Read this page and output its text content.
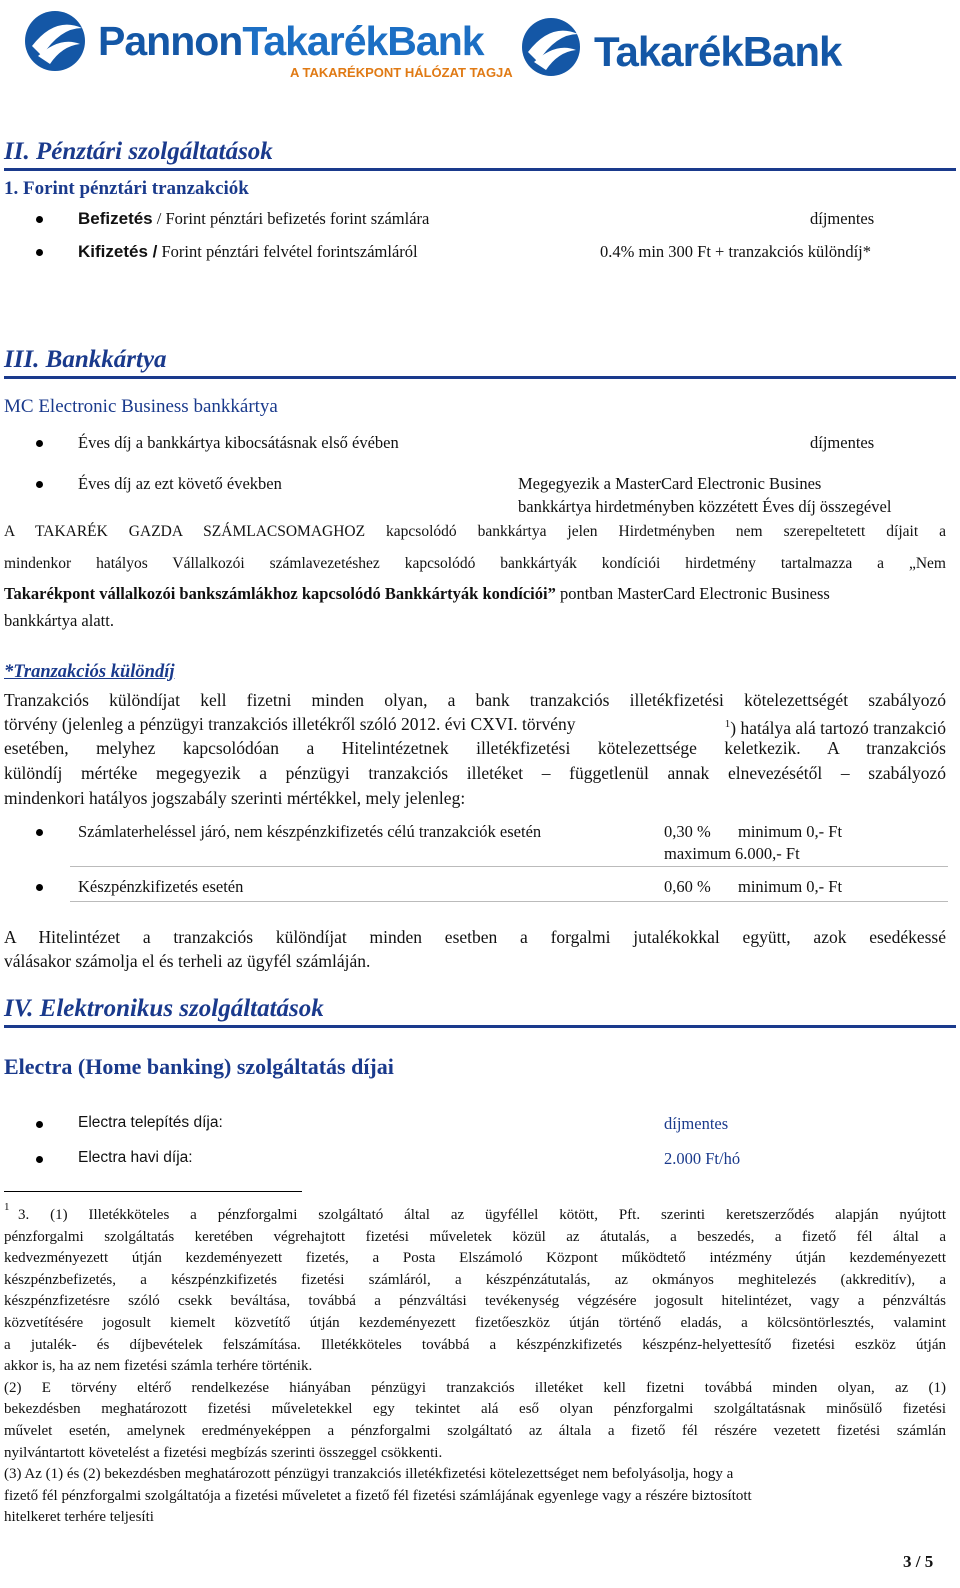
PannonTakarékBank
A TAKARÉKPONT HÁLÓZAT TAGJA TakarékBank
II. Pénztári szolgáltatások
1. Forint pénztári tranzakciók
Befizetés / Forint pénztári befizetés forint számlára	díjmentes
Kifizetés / Forint pénztári felvétel forintszámláról	0.4% min 300 Ft + tranzakciós különdíj*
III. Bankkártya
MC Electronic Business bankkártya
Éves díj a bankkártya kibocsátásnak első évében	díjmentes
Éves díj az ezt követő években	Megegyezik a MasterCard Electronic Busines
bankkártya hirdetményben közzétett Éves díj összegével
A TAKARÉK GAZDA SZÁMLACSOMAGHOZ kapcsolódó bankkártya jelen Hirdetményben nem szerepeltetett díjait a
mindenkor hatályos Vállalkozói számlavezetéshez kapcsolódó bankkártyák kondíciói hirdetmény tartalmazza a „Nem
Takarékpont vállalkozói bankszámlákhoz kapcsolódó Bankkártyák kondíciói” pontban MasterCard Electronic Business
bankkártya alatt.
*Tranzakciós különdíj
Tranzakciós különdíjat kell fizetni minden olyan, a bank tranzakciós illetékfizetési kötelezettségét szabályozó
törvény (jelenleg a pénzügyi tranzakciós illetékről szóló 2012. évi CXVI. törvény	$^1$) hatálya alá tartozó tranzakció
esetében, melyhez kapcsolódóan a Hitelintézetnek illetékfizetési kötelezettsége keletkezik. A tranzakciós
különdíj mértéke megegyezik a pénzügyi tranzakciós illetéket – függetlenül annak elnevezésétől – szabályozó
mindenkori hatályos jogszabály szerinti mértékkel, mely jelenleg:
Számlaterheléssel járó, nem készpénzkifizetés célú tranzakciók esetén	0,30 % minimum 0,- Ft
maximum 6.000,- Ft
Készpénzkifizetés esetén	0,60 % minimum 0,- Ft
A Hitelintézet a tranzakciós különdíjat minden esetben a forgalmi jutalékokkal együtt, azok esedékessé
válásakor számolja el és terheli az ügyfél számláján.
IV. Elektronikus szolgáltatások
Electra (Home banking) szolgáltatás díjai
Electra telepítés díja:	díjmentes
Electra havi díja:	2.000 Ft/hó
1 3. (1) Illetékköteles a pénzforgalmi szolgáltató által az ügyféllel kötött, Pft. szerinti keretszerződés alapján nyújtott
pénzforgalmi szolgáltatás keretében végrehajtott fizetési műveletek közül az átutalás, a beszedés, a fizető fél által a
kedvezményezett útján kezdeményezett fizetés, a Posta Elszámoló Központ működtető intézmény útján kezdeményezett
készpénzbefizetés, a készpénzkifizetés fizetési számláról, a készpénzátutalás, az okmányos meghitelezés (akkreditív), a
készpénzfizetésre szóló csekk beváltása, továbbá a pénzváltási tevékenység végzésére jogosult hitelintézet, vagy a pénzváltás
közvetítésére jogosult kiemelt közvetítő útján kezdeményezett fizetőeszköz útján történő eladás, a kölcsöntörlesztés, valamint
a jutalék- és díjbevételek felszámítása. Illetékköteles továbbá a készpénzkifizetés készpénz-helyettesítő fizetési eszköz útján
akkor is, ha az nem fizetési számla terhére történik.
(2) E törvény eltérő rendelkezése hiányában pénzügyi tranzakciós illetéket kell fizetni továbbá minden olyan, az (1)
bekezdésben meghatározott fizetési műveletekkel egy tekintet alá eső olyan pénzforgalmi szolgáltatásnak minősülő fizetési
művelet esetén, amelynek eredményeképpen a pénzforgalmi szolgáltató az általa a fizető fél részére vezetett fizetési számlán
nyilvántartott követelést a fizetési megbízás szerinti összeggel csökkenti.
(3) Az (1) és (2) bekezdésben meghatározott pénzügyi tranzakciós illetékfizetési kötelezettséget nem befolyásolja, hogy a
fizető fél pénzforgalmi szolgáltatója a fizetési műveletet a fizető fél fizetési számlájának egyenlege vagy a részére biztosított
hitelkeret terhére teljesíti
3 / 5
